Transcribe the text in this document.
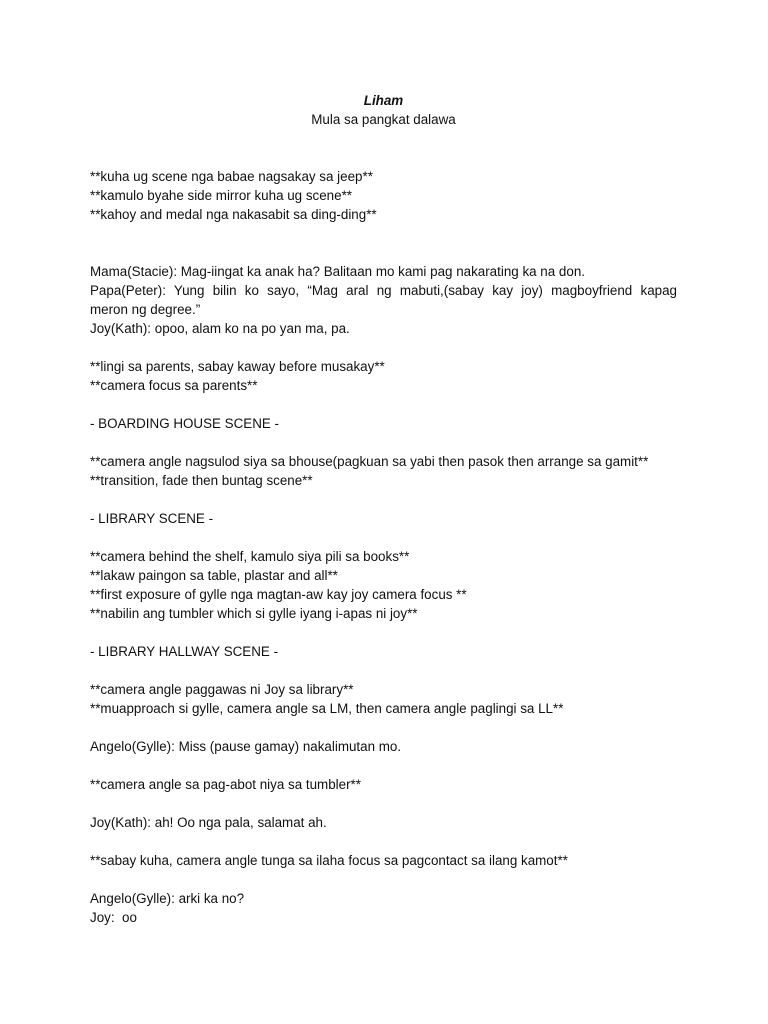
Liham
Mula sa pangkat dalawa
**kuha ug scene nga babae nagsakay sa jeep**
**kamulo byahe side mirror kuha ug scene**
**kahoy and medal nga nakasabit sa ding-ding**
Mama(Stacie): Mag-iingat ka anak ha? Balitaan mo kami pag nakarating ka na don.
Papa(Peter): Yung bilin ko sayo, “Mag aral ng mabuti,(sabay kay joy) magboyfriend kapag
meron ng degree.”
Joy(Kath): opoo, alam ko na po yan ma, pa.
**lingi sa parents, sabay kaway before musakay**
**camera focus sa parents**
- BOARDING HOUSE SCENE -
**camera angle nagsulod siya sa bhouse(pagkuan sa yabi then pasok then arrange sa gamit**
**transition, fade then buntag scene**
- LIBRARY SCENE -
**camera behind the shelf, kamulo siya pili sa books**
**lakaw paingon sa table, plastar and all**
**first exposure of gylle nga magtan-aw kay joy camera focus **
**nabilin ang tumbler which si gylle iyang i-apas ni joy**
- LIBRARY HALLWAY SCENE -
**camera angle paggawas ni Joy sa library**
**muapproach si gylle, camera angle sa LM, then camera angle paglingi sa LL**
Angelo(Gylle): Miss (pause gamay) nakalimutan mo.
**camera angle sa pag-abot niya sa tumbler**
Joy(Kath): ah! Oo nga pala, salamat ah.
**sabay kuha, camera angle tunga sa ilaha focus sa pagcontact sa ilang kamot**
Angelo(Gylle): arki ka no?
Joy:  oo
